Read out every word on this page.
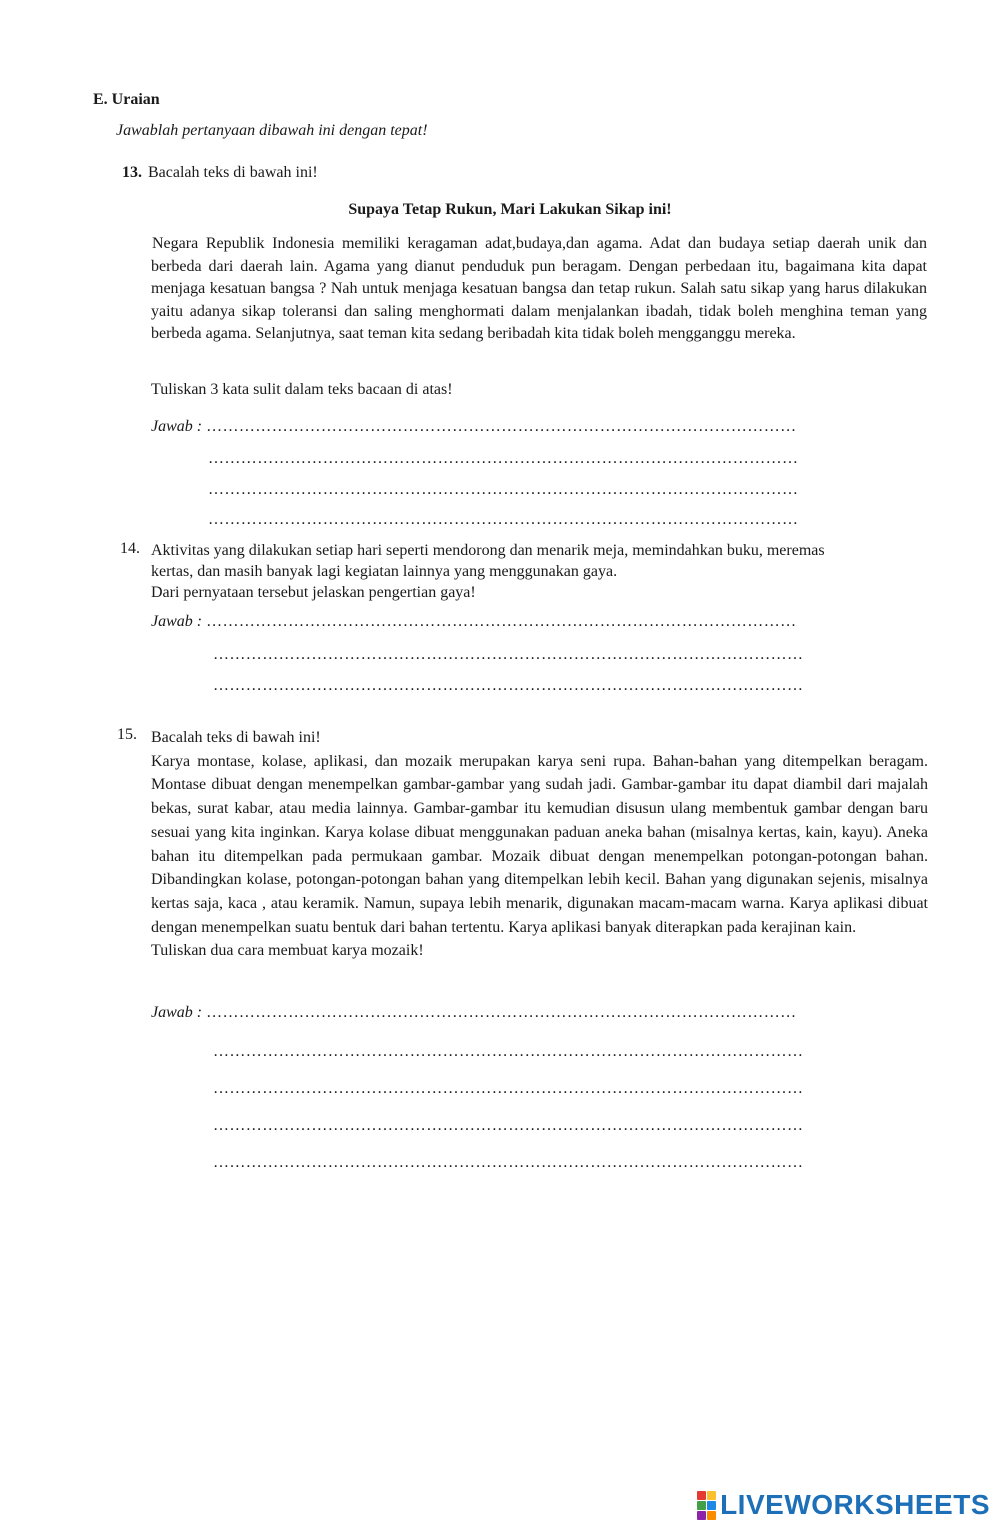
E. Uraian
Jawablah pertanyaan dibawah ini dengan tepat!
13. Bacalah teks di bawah ini!
Supaya Tetap Rukun, Mari Lakukan Sikap ini!
Negara Republik Indonesia memiliki keragaman adat,budaya,dan agama. Adat dan budaya setiap daerah unik dan berbeda dari daerah lain. Agama yang dianut penduduk pun beragam. Dengan perbedaan itu, bagaimana kita dapat menjaga kesatuan bangsa ? Nah untuk menjaga kesatuan bangsa dan tetap rukun. Salah satu sikap yang harus dilakukan yaitu adanya sikap toleransi dan saling menghormati dalam menjalankan ibadah, tidak boleh menghina teman yang berbeda agama. Selanjutnya, saat teman kita sedang beribadah kita tidak boleh mengganggu mereka.
Tuliskan 3 kata sulit dalam teks bacaan di atas!
Jawab : ………………………………………………………………………………………………
………………………………………………………………………………………………
………………………………………………………………………………………………
………………………………………………………………………………………………
14. Aktivitas yang dilakukan setiap hari seperti mendorong dan menarik meja, memindahkan buku, meremas
kertas, dan masih banyak lagi kegiatan lainnya yang menggunakan gaya.
Dari pernyataan tersebut jelaskan pengertian gaya!
Jawab : ………………………………………………………………………………………………
………………………………………………………………………………………………
………………………………………………………………………………………………
15. Bacalah teks di bawah ini!

Karya montase, kolase, aplikasi, dan mozaik merupakan karya seni rupa. Bahan-bahan yang ditempelkan beragam. Montase dibuat dengan menempelkan gambar-gambar yang sudah jadi. Gambar-gambar itu dapat diambil dari majalah bekas, surat kabar, atau media lainnya. Gambar-gambar itu kemudian disusun ulang membentuk gambar dengan baru sesuai yang kita inginkan. Karya kolase dibuat menggunakan paduan aneka bahan (misalnya kertas, kain, kayu). Aneka bahan itu ditempelkan pada permukaan gambar. Mozaik dibuat dengan menempelkan potongan-potongan bahan. Dibandingkan kolase, potongan-potongan bahan yang ditempelkan lebih kecil. Bahan yang digunakan sejenis, misalnya kertas saja, kaca , atau keramik. Namun, supaya lebih menarik, digunakan macam-macam warna. Karya aplikasi dibuat dengan menempelkan suatu bentuk dari bahan tertentu. Karya aplikasi banyak diterapkan pada kerajinan kain.

Tuliskan dua cara membuat karya mozaik!

Jawab : ………………………………………………………………………………………………
………………………………………………………………………………………………
………………………………………………………………………………………………
………………………………………………………………………………………………
………………………………………………………………………………………………
LIVEWORKSHEETS
